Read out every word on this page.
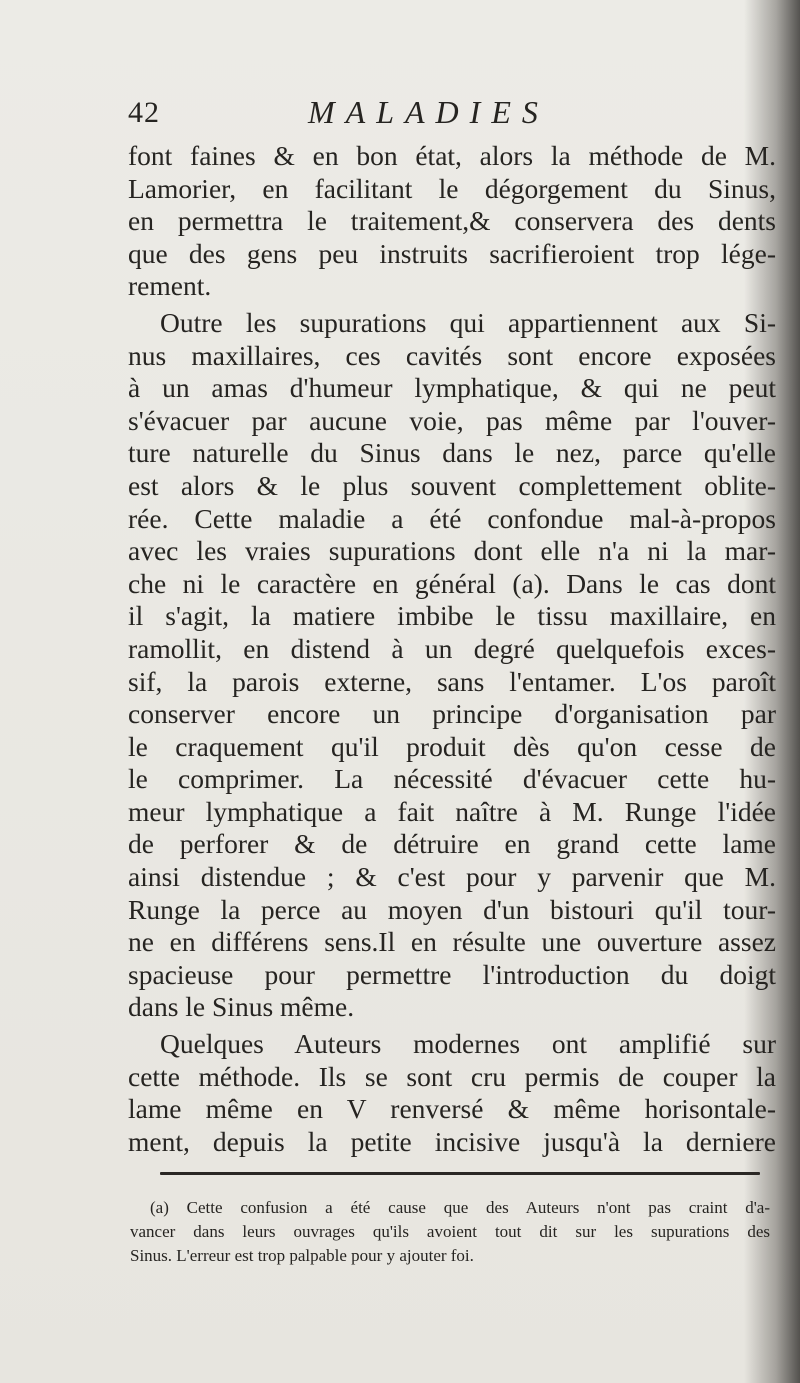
42	MALADIES
font faines & en bon état, alors la méthode de M.
Lamorier, en facilitant le dégorgement du Sinus,
en permettra le traitement,& conservera des dents
que des gens peu instruits sacrifieroient trop lége-
rement.
Outre les supurations qui appartiennent aux Si-
nus maxillaires, ces cavités sont encore exposées
à un amas d'humeur lymphatique, & qui ne peut
s'évacuer par aucune voie, pas même par l'ouver-
ture naturelle du Sinus dans le nez, parce qu'elle
est alors & le plus souvent complettement oblite-
rée. Cette maladie a été confondue mal-à-propos
avec les vraies supurations dont elle n'a ni la mar-
che ni le caractère en général (a). Dans le cas dont
il s'agit, la matiere imbibe le tissu maxillaire, en
ramollit, en distend à un degré quelquefois exces-
sif, la parois externe, sans l'entamer. L'os paroît
conserver encore un principe d'organisation par
le craquement qu'il produit dès qu'on cesse de
le comprimer. La nécessité d'évacuer cette hu-
meur lymphatique a fait naître à M. Runge l'idée
de perforer & de détruire en grand cette lame
ainsi distendue ; & c'est pour y parvenir que M.
Runge la perce au moyen d'un bistouri qu'il tour-
ne en différens sens.Il en résulte une ouverture assez
spacieuse pour permettre l'introduction du doigt
dans le Sinus même.
Quelques Auteurs modernes ont amplifié sur
cette méthode. Ils se sont cru permis de couper la
lame même en V renversé & même horisontale-
ment, depuis la petite incisive jusqu'à la derniere
(a) Cette confusion a été cause que des Auteurs n'ont pas craint d'a-
vancer dans leurs ouvrages qu'ils avoient tout dit sur les supurations des
Sinus. L'erreur est trop palpable pour y ajouter foi.
